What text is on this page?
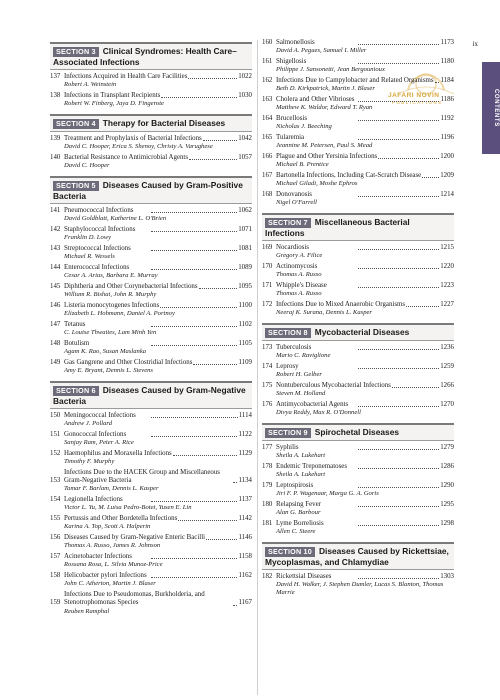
ix
CONTENTS
JAFARI NOVIN
PUBLICATIONS
SECTION 3 Clinical Syndromes: Health Care–Associated Infections
137 Infections Acquired in Health Care Facilities	1022
Robert A. Weinstein
138 Infections in Transplant Recipients	1030
Robert W. Finberg, Jaya D. Fingerote
SECTION 4 Therapy for Bacterial Diseases
139 Treatment and Prophylaxis of Bacterial Infections	1042
David C. Hooper, Erica S. Shenoy, Christy A. Varughese
140 Bacterial Resistance to Antimicrobial Agents	1057
David C. Hooper
SECTION 5 Diseases Caused by Gram-Positive Bacteria
141 Pneumococcal Infections	1062
David Goldblatt, Katherine L. O'Brien
142 Staphylococcal Infections	1071
Franklin D. Lowy
143 Streptococcal Infections	1081
Michael R. Wessels
144 Enterococcal Infections	1089
Cesar A. Arias, Barbara E. Murray
145 Diphtheria and Other Corynebacterial Infections	1095
William R. Bishai, John R. Murphy
146 Listeria monocytogenes Infections	1100
Elizabeth L. Hohmann, Daniel A. Portnoy
147 Tetanus	1102
C. Louise Thwaites, Lam Minh Yen
148 Botulism	1105
Agam K. Rao, Susan Maslanka
149 Gas Gangrene and Other Clostridial Infections	1109
Amy E. Bryant, Dennis L. Stevens
SECTION 6 Diseases Caused by Gram-Negative Bacteria
150 Meningococcal Infections	1114
Andrew J. Pollard
151 Gonococcal Infections	1122
Sanjay Ram, Peter A. Rice
152 Haemophilus and Moraxella Infections	1129
Timothy F. Murphy
153
Infections Due to the HACEK Group and Miscellaneous Gram-Negative Bacteria	1134
Tamar F. Barlam, Dennis L. Kasper
154 Legionella Infections	1137
Victor L. Yu, M. Luisa Pedro-Botet, Yusen E. Lin
155 Pertussis and Other Bordetella Infections	1142
Karina A. Top, Scott A. Halperin
156 Diseases Caused by Gram-Negative Enteric Bacilli	1146
Thomas A. Russo, James R. Johnson
157 Acinetobacter Infections	1158
Rossana Rosa, L. Silvia Munoz-Price
158 Helicobacter pylori Infections	1162
John C. Atherton, Martin J. Blaser
159
Infections Due to Pseudomonas, Burkholderia, and Stenotrophomonas Species	1167
Reuben Ramphal
160 Salmonellosis	1173
David A. Pegues, Samuel I. Miller
161 Shigellosis	1180
Philippe J. Sansonetti, Jean Bergounioux
162 Infections Due to Campylobacter and Related Organisms 1184
Beth D. Kirkpatrick, Martin J. Blaser
163 Cholera and Other Vibrioses	1186
Matthew K. Waldor, Edward T. Ryan
164 Brucellosis	1192
Nicholas J. Beeching
165 Tularemia	1196
Jeannine M. Petersen, Paul S. Mead
166 Plague and Other Yersinia Infections	1200
Michael B. Prentice
167 Bartonella Infections, Including Cat-Scratch Disease	1209
Michael Giladi, Moshe Ephros
168 Donovanosis	1214
Nigel O'Farrell
SECTION 7 Miscellaneous Bacterial Infections
169 Nocardiosis	1215
Gregory A. Filice
170 Actinomycosis	1220
Thomas A. Russo
171 Whipple's Disease	1223
Thomas A. Russo
172 Infections Due to Mixed Anaerobic Organisms	1227
Neeraj K. Surana, Dennis L. Kasper
SECTION 8 Mycobacterial Diseases
173 Tuberculosis	1236
Mario C. Raviglione
174 Leprosy	1259
Robert H. Gelber
175 Nontuberculous Mycobacterial Infections	1266
Steven M. Holland
176 Antimycobacterial Agents	1270
Divya Reddy, Max R. O'Donnell
SECTION 9 Spirochetal Diseases
177 Syphilis	1279
Sheila A. Lukehart
178 Endemic Treponematoses	1286
Sheila A. Lukehart
179 Leptospirosis	1290
Jiri F. P. Wagenaar, Marga G. A. Goris
180 Relapsing Fever	1295
Alan G. Barbour
181 Lyme Borreliosis	1298
Allen C. Steere
SECTION 10 Diseases Caused by Rickettsiae, Mycoplasmas, and Chlamydiae
182 Rickettsial Diseases	1303
David H. Walker, J. Stephen Dumler, Lucas S. Blanton, Thomas Marrie
